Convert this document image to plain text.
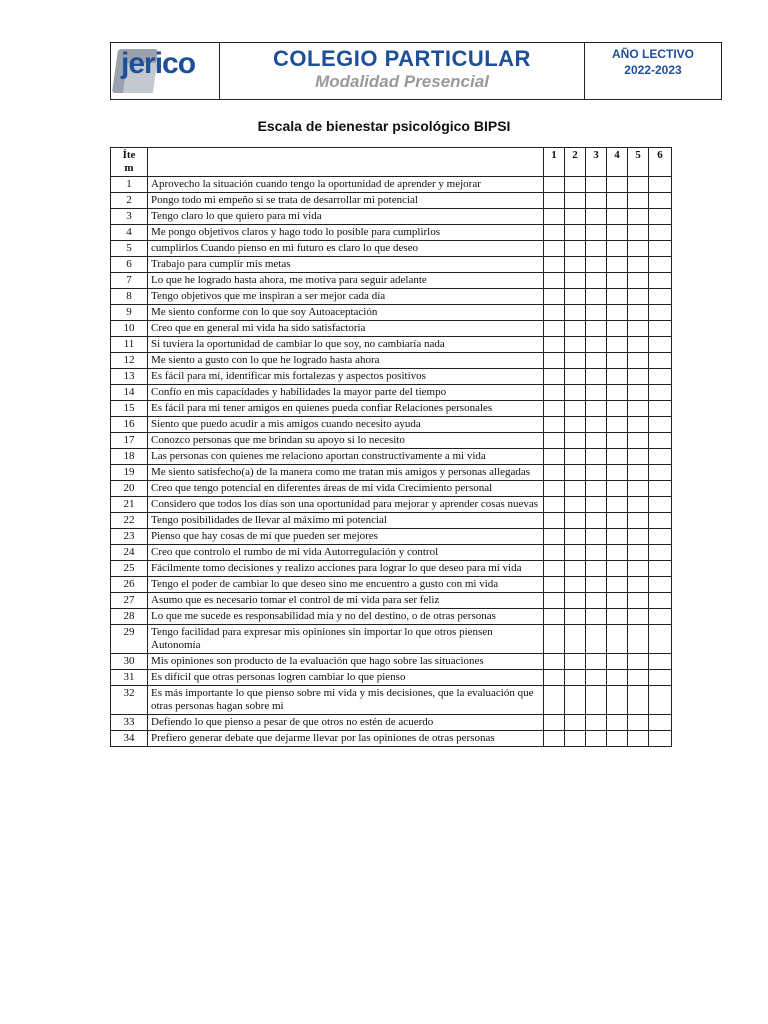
jerico	COLEGIO PARTICULAR
Modalidad Presencial
AÑO LECTIVO
2022-2023
Escala de bienestar psicológico BIPSI
Íte
m		1	2	3	4	5	6
1	Aprovecho la situación cuando tengo la oportunidad de aprender y mejorar						
2	Pongo todo mi empeño si se trata de desarrollar mi potencial						
3	Tengo claro lo que quiero para mi vida						
4	Me pongo objetivos claros y hago todo lo posible para cumplirlos						
5	cumplirlos Cuando pienso en mi futuro es claro lo que deseo						
6	Trabajo para cumplir mis metas						
7	Lo que he logrado hasta ahora, me motiva para seguir adelante						
8	Tengo objetivos que me inspiran a ser mejor cada día						
9	Me siento conforme con lo que soy Autoaceptación						
10	Creo que en general mi vida ha sido satisfactoria						
11	Si tuviera la oportunidad de cambiar lo que soy, no cambiaría nada						
12	Me siento a gusto con lo que he logrado hasta ahora						
13	Es fácil para mí, identificar mis fortalezas y aspectos positivos						
14	Confío en mis capacidades y habilidades la mayor parte del tiempo						
15	Es fácil para mi tener amigos en quienes pueda confiar Relaciones personales						
16	Siento que puedo acudir a mis amigos cuando necesito ayuda						
17	Conozco personas que me brindan su apoyo si lo necesito						
18	Las personas con quienes me relaciono aportan constructivamente a mi vida						
19	Me siento satisfecho(a) de la manera como me tratan mis amigos y personas allegadas						
20	Creo que tengo potencial en diferentes áreas de mi vida Crecimiento personal						
21	Considero que todos los días son una oportunidad para mejorar y aprender cosas nuevas						
22	Tengo posibilidades de llevar al máximo mi potencial						
23	Pienso que hay cosas de mí que pueden ser mejores						
24	Creo que controlo el rumbo de mi vida Autorregulación y control						
25	Fácilmente tomo decisiones y realizo acciones para lograr lo que deseo para mi vida						
26	Tengo el poder de cambiar lo que deseo sino me encuentro a gusto con mi vida						
27	Asumo que es necesario tomar el control de mi vida para ser feliz						
28	Lo que me sucede es responsabilidad mía y no del destino, o de otras personas						
29	Tengo facilidad para expresar mis opiniones sin importar lo que otros piensen Autonomía						
30	Mis opiniones son producto de la evaluación que hago sobre las situaciones						
31	Es difícil que otras personas logren cambiar lo que pienso						
32	Es más importante lo que pienso sobre mi vida y mis decisiones, que la evaluación que otras personas hagan sobre mi						
33	Defiendo lo que pienso a pesar de que otros no estén de acuerdo						
34	Prefiero generar debate que dejarme llevar por las opiniones de otras personas						
